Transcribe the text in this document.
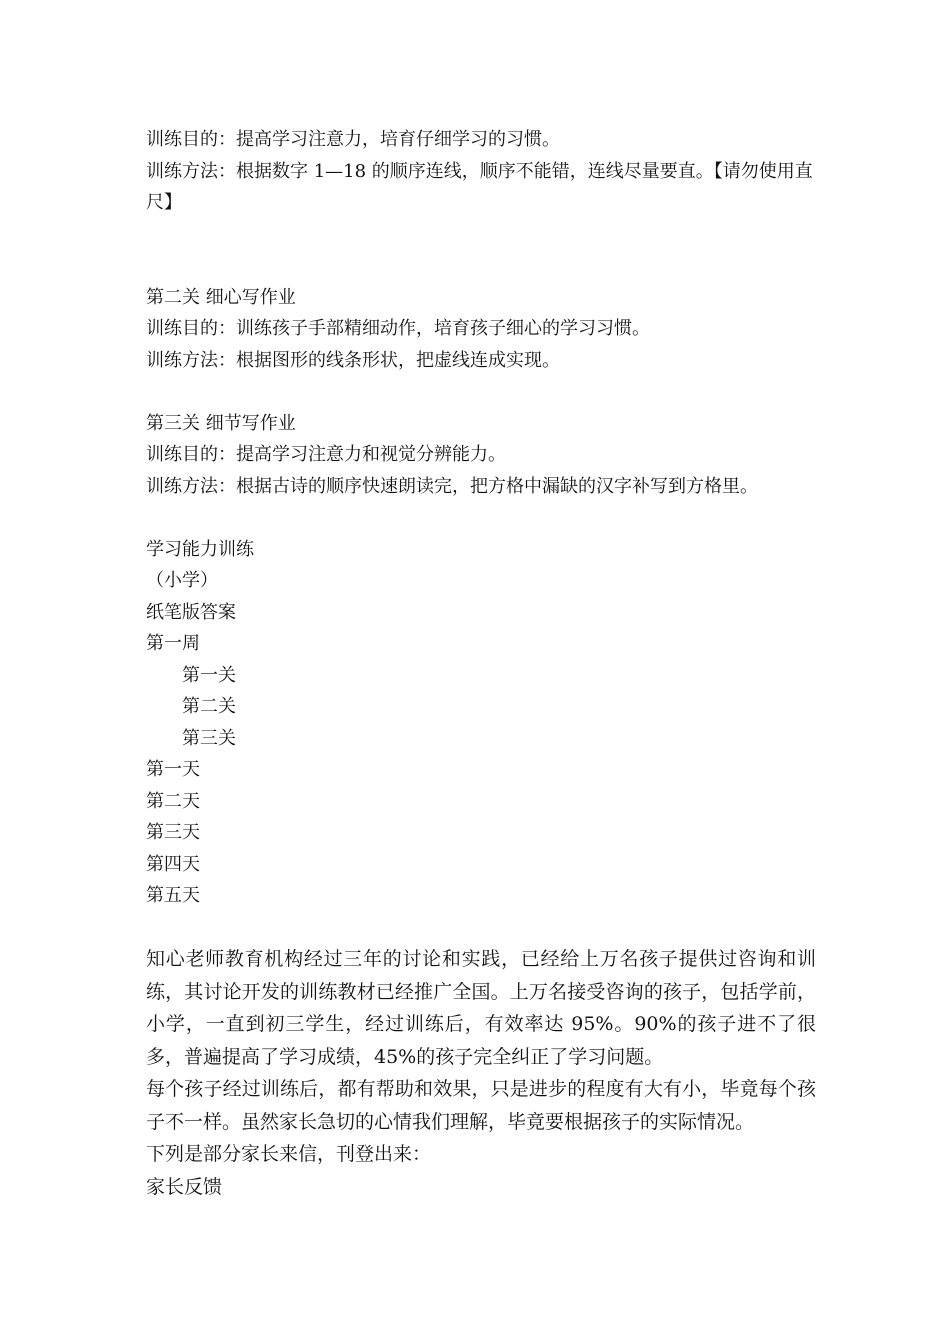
训练目的：提高学习注意力，培育仔细学习的习惯。

训练方法：根据数字 1—18 的顺序连线，顺序不能错，连线尽量要直。【请勿使用直尺】

第二关 细心写作业

训练目的：训练孩子手部精细动作，培育孩子细心的学习习惯。

训练方法：根据图形的线条形状，把虚线连成实现。

第三关 细节写作业

训练目的：提高学习注意力和视觉分辨能力。

训练方法：根据古诗的顺序快速朗读完，把方格中漏缺的汉字补写到方格里。

学习能力训练

（小学）

纸笔版答案

第一周

第一关

第二关

第三关

第一天

第二天

第三天

第四天

第五天

知心老师教育机构经过三年的讨论和实践，已经给上万名孩子提供过咨询和训练，其讨论开发的训练教材已经推广全国。上万名接受咨询的孩子，包括学前，小学，一直到初三学生，经过训练后，有效率达 95%。90%的孩子进不了很多，普遍提高了学习成绩，45%的孩子完全纠正了学习问题。

每个孩子经过训练后，都有帮助和效果，只是进步的程度有大有小，毕竟每个孩子不一样。虽然家长急切的心情我们理解，毕竟要根据孩子的实际情况。

下列是部分家长来信，刊登出来：

家长反馈
